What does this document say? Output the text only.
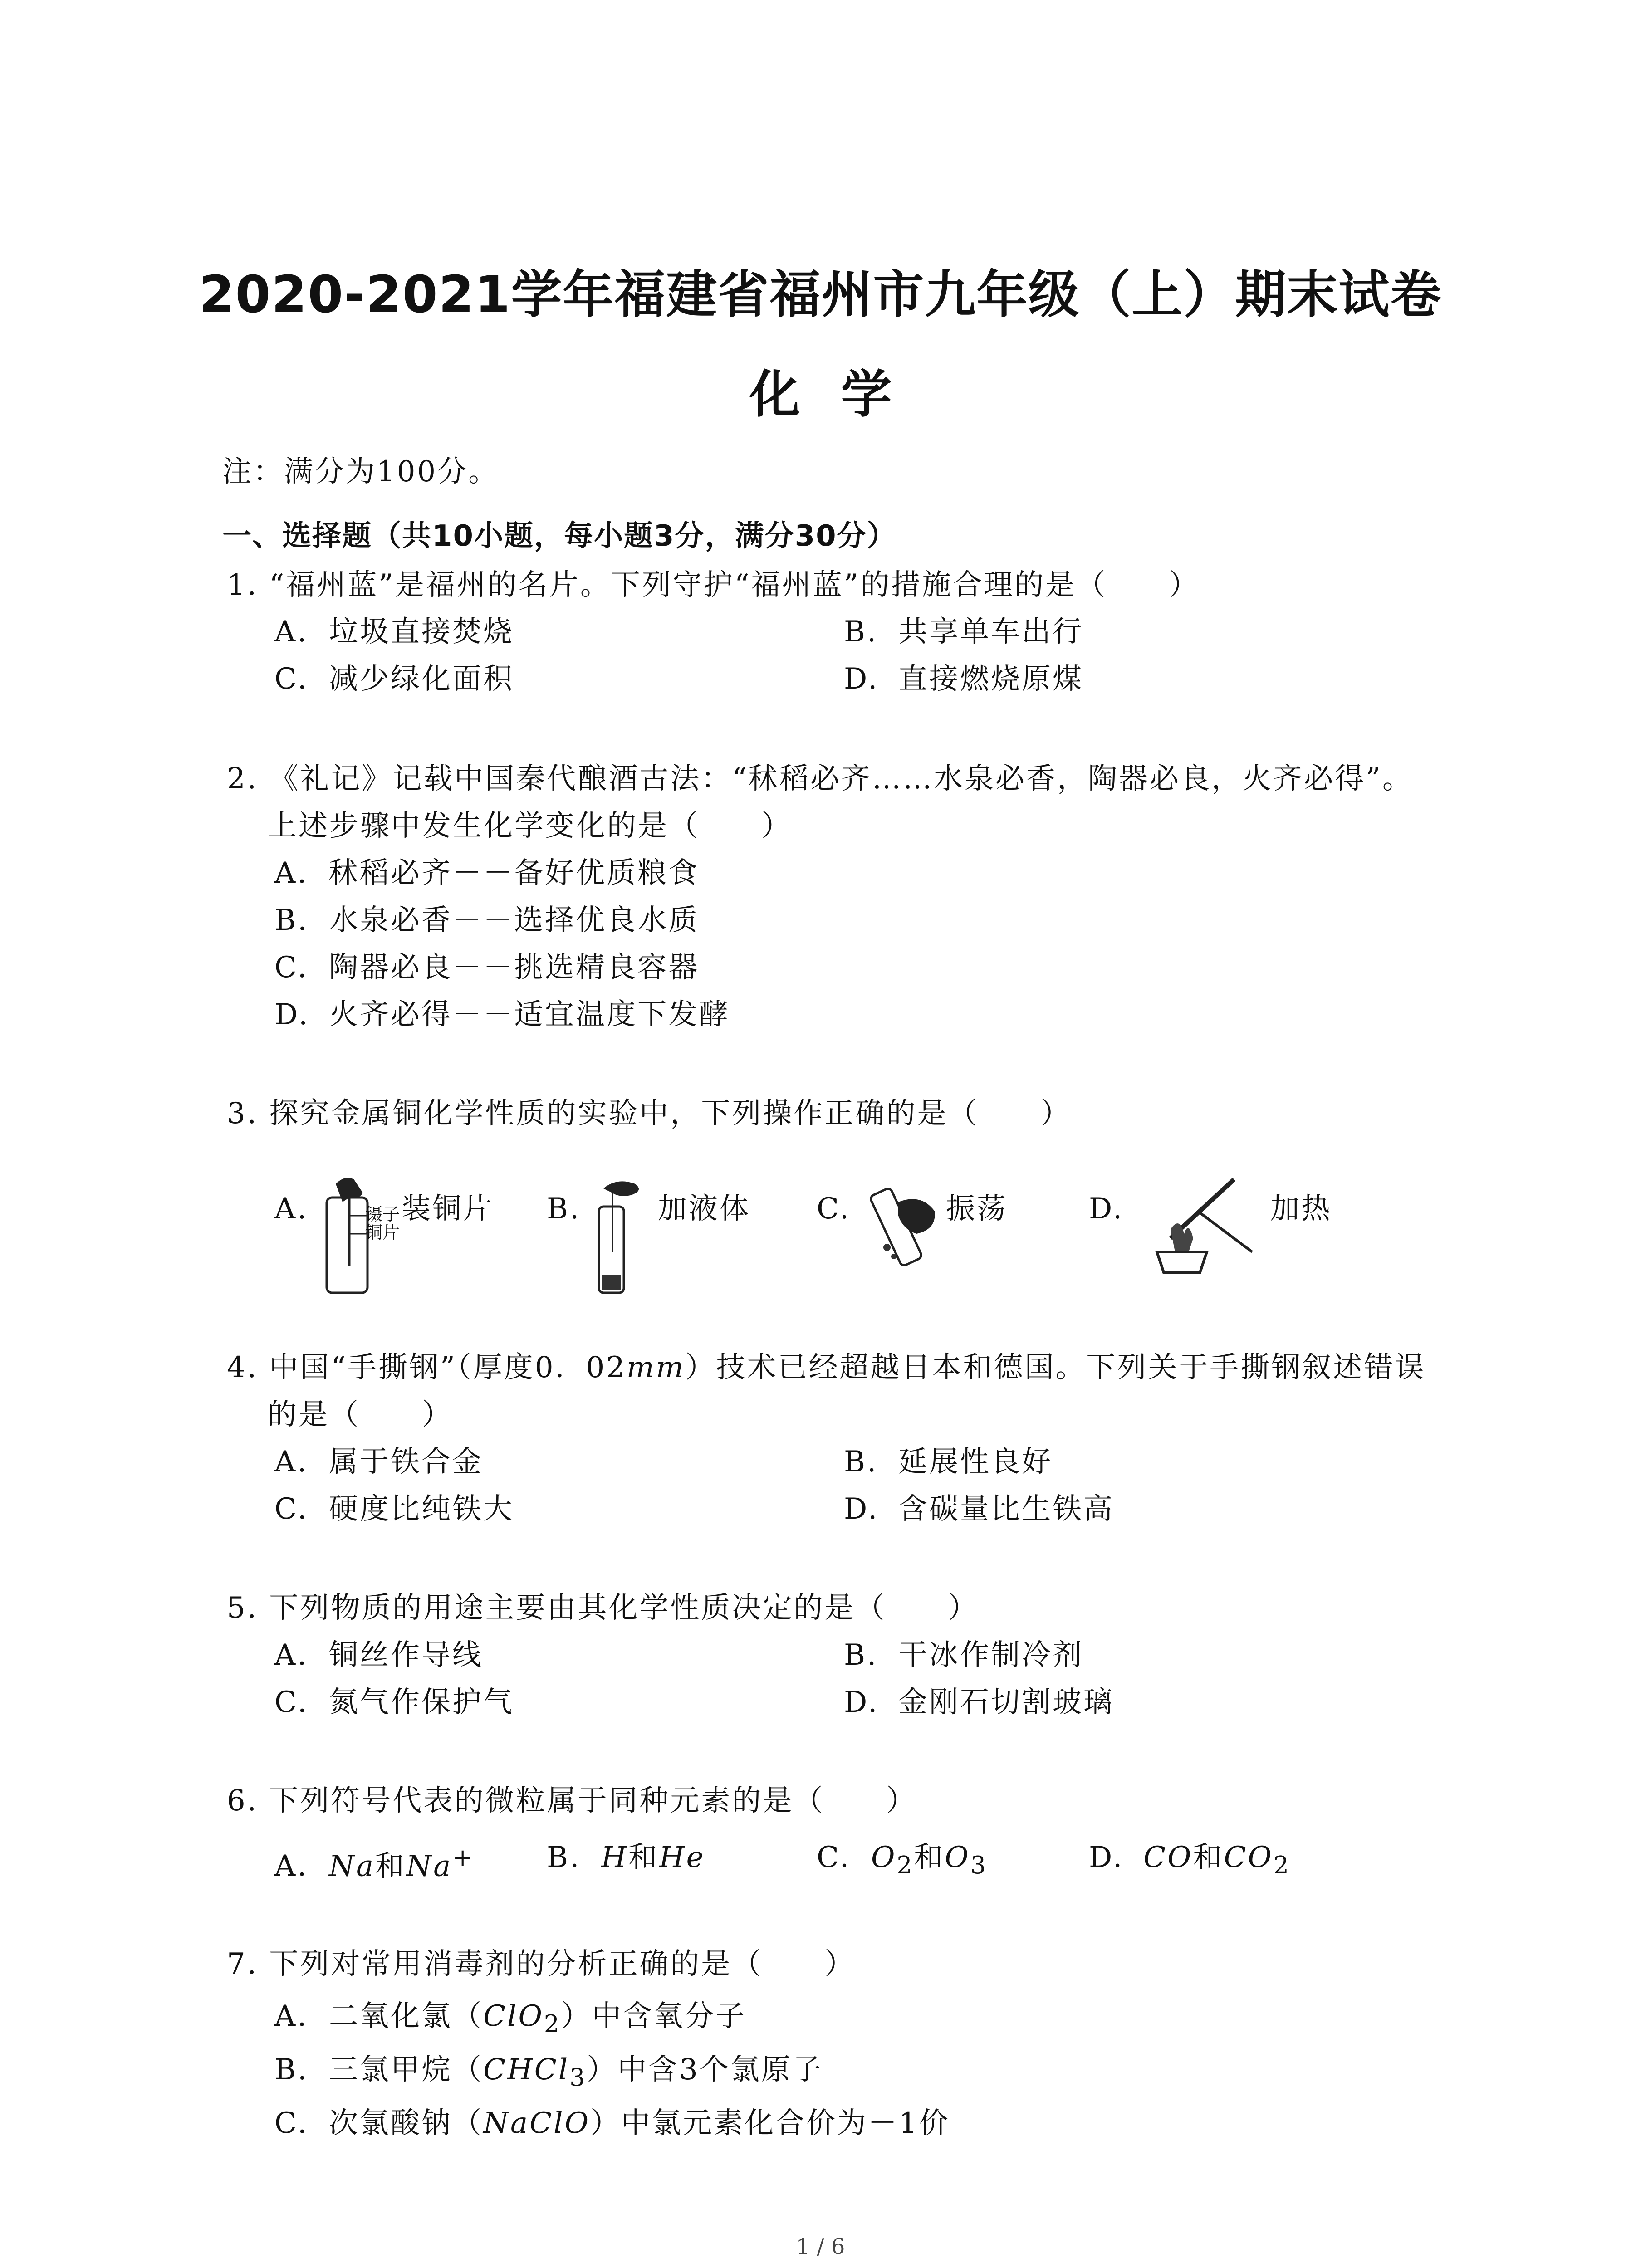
2020-2021学年福建省福州市九年级（上）期末试卷
化学
注：满分为100分。
一、选择题（共10小题，每小题3分，满分30分）
1. “福州蓝”是福州的名片。下列守护“福州蓝”的措施合理的是（　　）
A. 垃圾直接焚烧	B. 共享单车出行
C. 减少绿化面积	D. 直接燃烧原煤
2. 《礼记》记载中国秦代酿酒古法：“秫稻必齐……水泉必香，陶器必良，火齐必得”。
上述步骤中发生化学变化的是（　　）
A. 秫稻必齐－－备好优质粮食
B. 水泉必香－－选择优良水质
C. 陶器必良－－挑选精良容器
D. 火齐必得－－适宜温度下发酵
3. 探究金属铜化学性质的实验中，下列操作正确的是（　　）
A.	镊子
铜片
装铜片 B.	加液体 C.	振荡	D.	加热
4. 中国“手撕钢”（厚度0．02mm）技术已经超越日本和德国。下列关于手撕钢叙述错误
的是（　　）
A. 属于铁合金	B. 延展性良好
C. 硬度比纯铁大	D. 含碳量比生铁高
5. 下列物质的用途主要由其化学性质决定的是（　　）
A. 铜丝作导线	B. 干冰作制冷剂
C. 氮气作保护气	D. 金刚石切割玻璃
6. 下列符号代表的微粒属于同种元素的是（　　）
A. Na和Na+ B. H和He	C. $O_2$和$O_3$	D. CO和$CO_2$
7. 下列对常用消毒剂的分析正确的是（　　）
A. 二氧化氯（ClO$_2$）中含氧分子
B. 三氯甲烷（CHCl$_3$）中含3个氯原子
C. 次氯酸钠（NaClO）中氯元素化合价为－1价
1 / 6
